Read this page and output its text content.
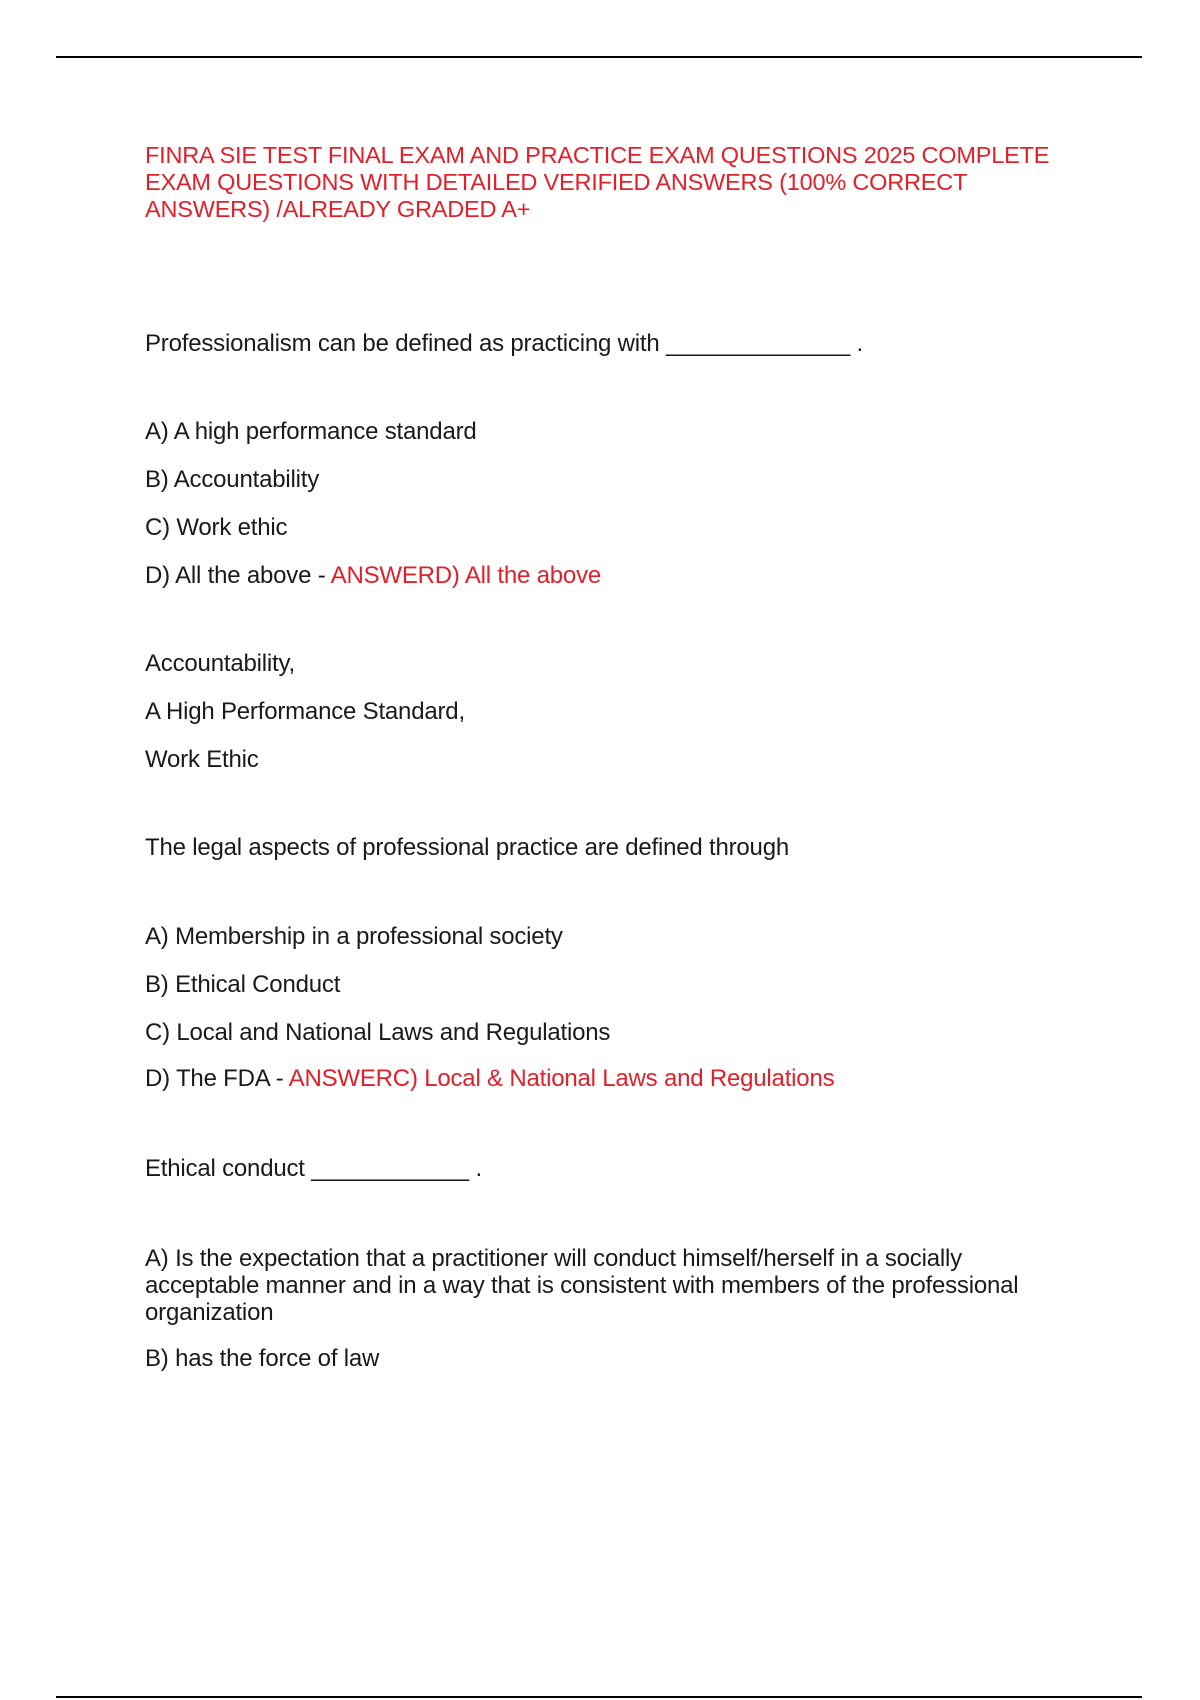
FINRA SIE TEST FINAL EXAM AND PRACTICE EXAM QUESTIONS 2025 COMPLETE EXAM QUESTIONS WITH DETAILED VERIFIED ANSWERS (100% CORRECT ANSWERS) /ALREADY GRADED A+

Professionalism can be defined as practicing with ______________ .

A) A high performance standard

B) Accountability

C) Work ethic

D) All the above - ANSWERD) All the above

Accountability,

A High Performance Standard,

Work Ethic

The legal aspects of professional practice are defined through

A) Membership in a professional society

B) Ethical Conduct

C) Local and National Laws and Regulations

D) The FDA - ANSWERC) Local & National Laws and Regulations

Ethical conduct ____________ .

A) Is the expectation that a practitioner will conduct himself/herself in a socially acceptable manner and in a way that is consistent with members of the professional organization

B) has the force of law
